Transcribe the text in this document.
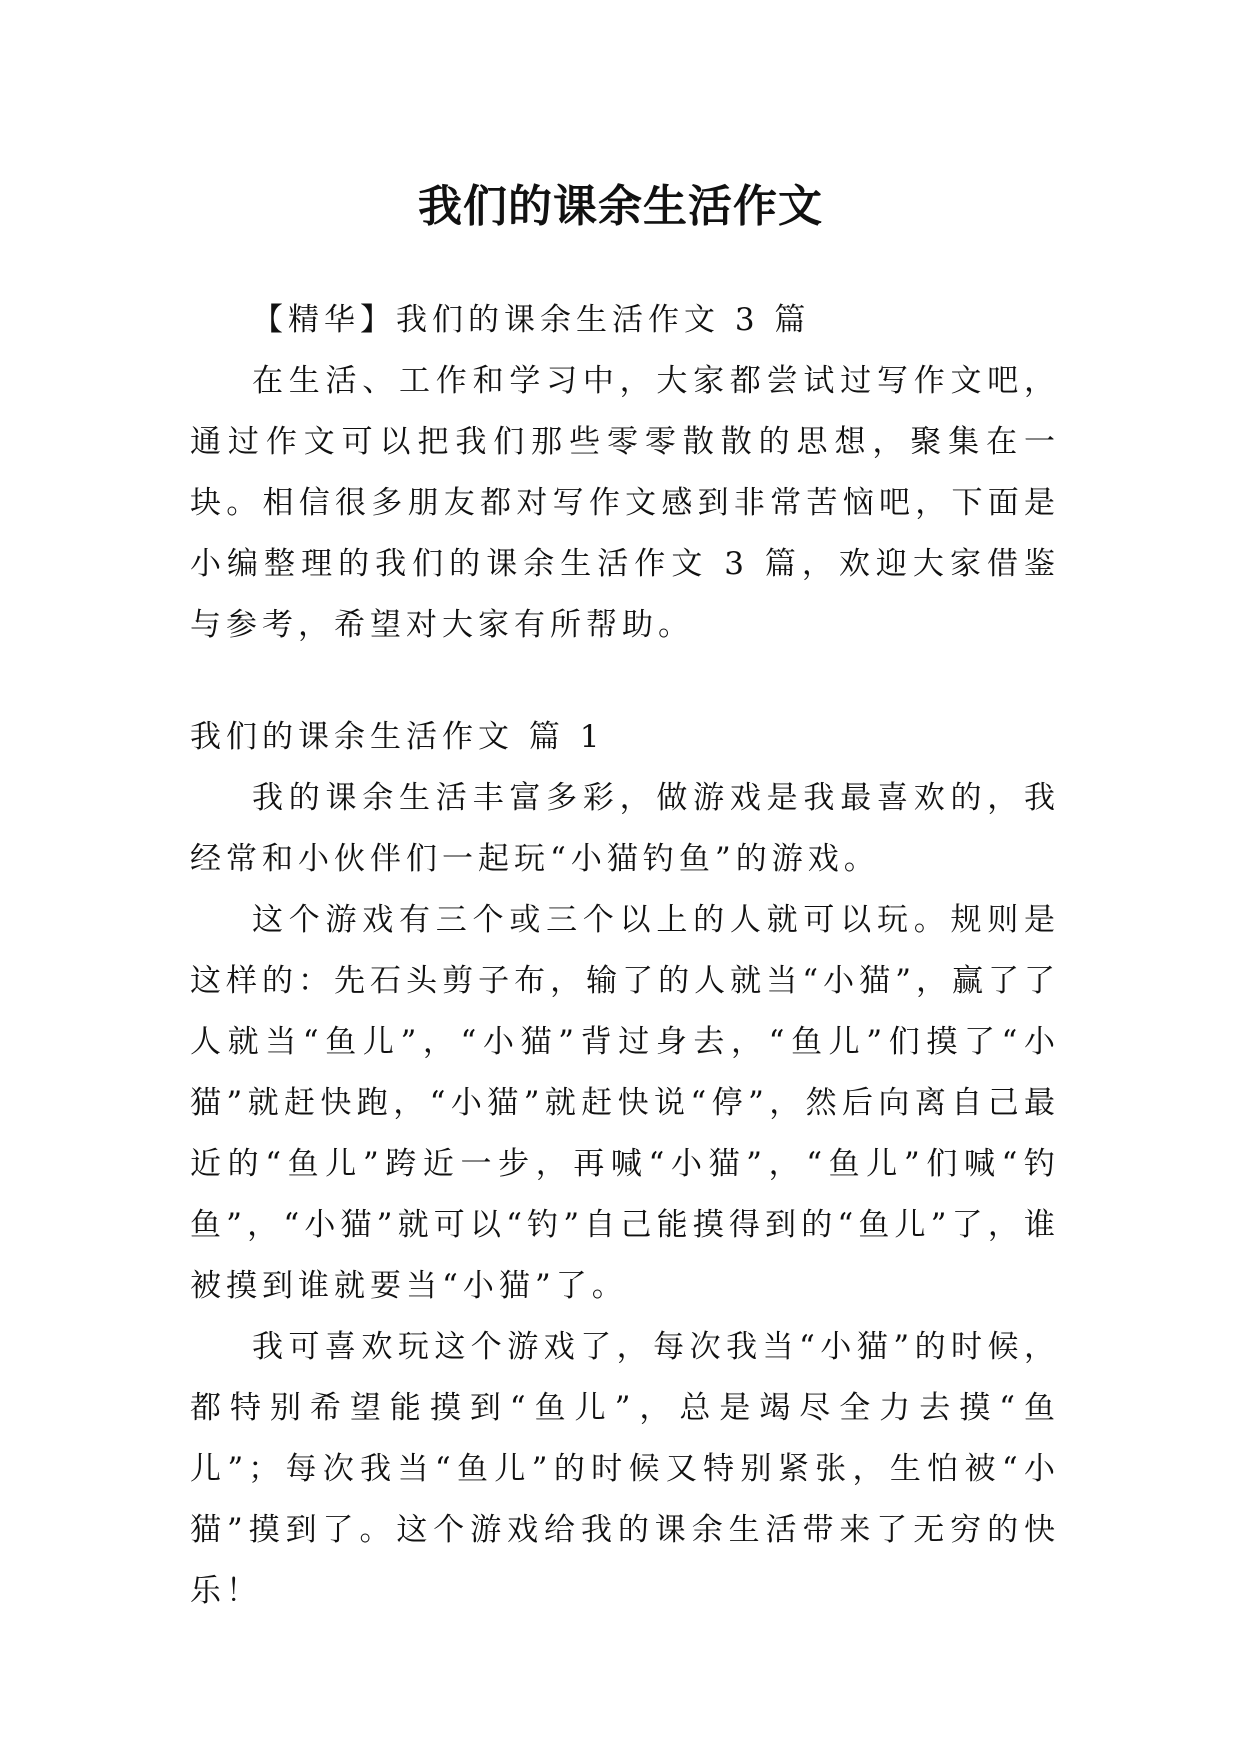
我们的课余生活作文

【精华】我们的课余生活作文 3 篇

在生活、工作和学习中，大家都尝试过写作文吧，通过作文可以把我们那些零零散散的思想，聚集在一块。相信很多朋友都对写作文感到非常苦恼吧，下面是小编整理的我们的课余生活作文 3 篇，欢迎大家借鉴与参考，希望对大家有所帮助。

我们的课余生活作文 篇 1

我的课余生活丰富多彩，做游戏是我最喜欢的，我经常和小伙伴们一起玩“小猫钓鱼”的游戏。

这个游戏有三个或三个以上的人就可以玩。规则是这样的：先石头剪子布，输了的人就当“小猫”，赢了了人就当“鱼儿”，“小猫”背过身去，“鱼儿”们摸了“小猫”就赶快跑，“小猫”就赶快说“停”，然后向离自己最近的“鱼儿”跨近一步，再喊“小猫”，“鱼儿”们喊“钓鱼”，“小猫”就可以“钓”自己能摸得到的“鱼儿”了，谁被摸到谁就要当“小猫”了。

我可喜欢玩这个游戏了，每次我当“小猫”的时候，都特别希望能摸到“鱼儿”，总是竭尽全力去摸“鱼儿”；每次我当“鱼儿”的时候又特别紧张，生怕被“小猫”摸到了。这个游戏给我的课余生活带来了无穷的快乐！
